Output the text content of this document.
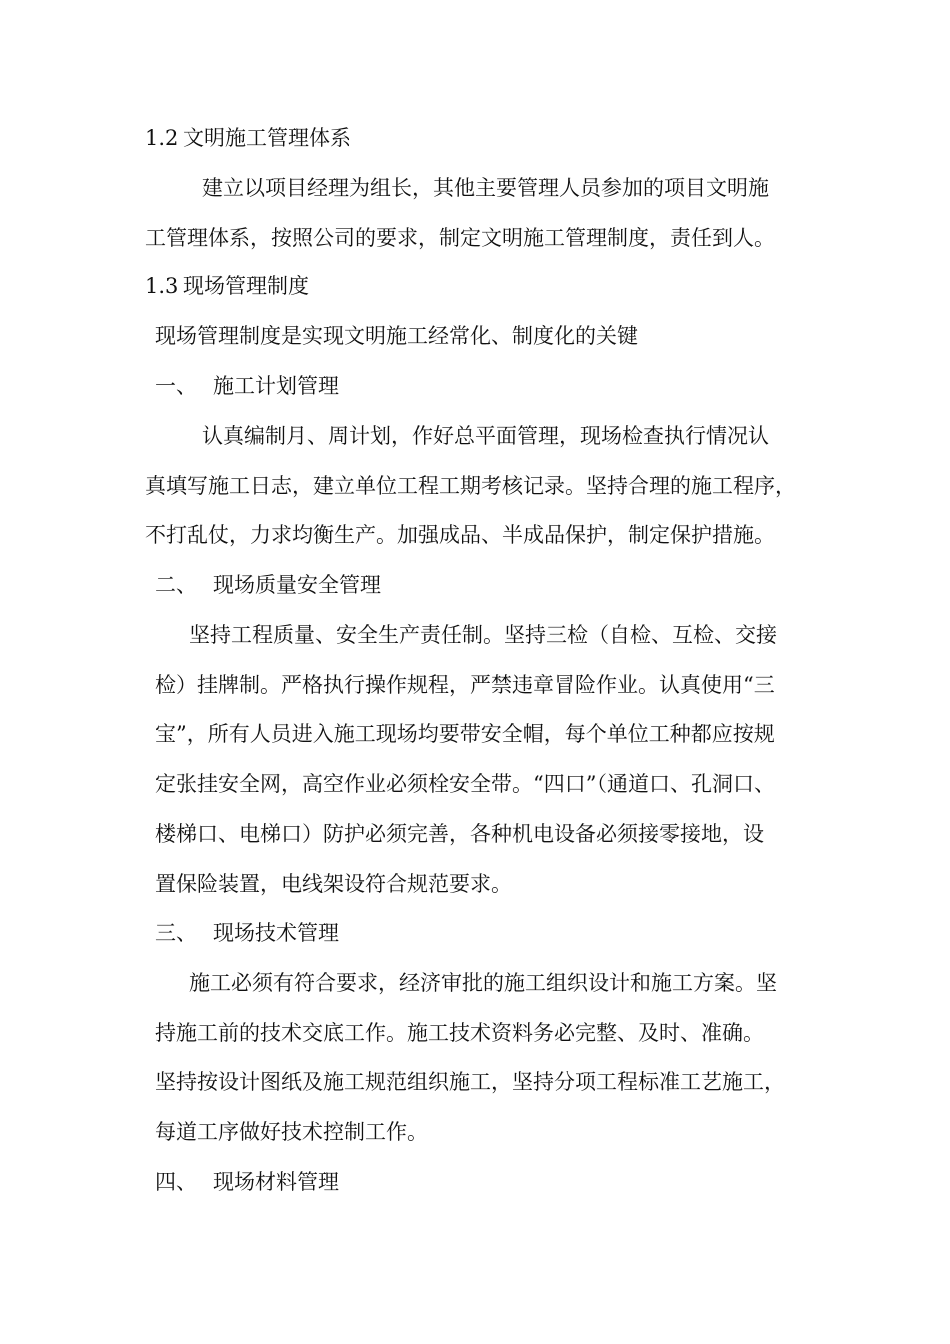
1.2 文明施工管理体系
建立以项目经理为组长，其他主要管理人员参加的项目文明施
工管理体系，按照公司的要求，制定文明施工管理制度，责任到人。
1.3 现场管理制度
现场管理制度是实现文明施工经常化、制度化的关键
一、 施工计划管理
认真编制月、周计划，作好总平面管理，现场检查执行情况认
真填写施工日志，建立单位工程工期考核记录。坚持合理的施工程序，
不打乱仗，力求均衡生产。加强成品、半成品保护，制定保护措施。
二、 现场质量安全管理
坚持工程质量、安全生产责任制。坚持三检（自检、互检、交接
检）挂牌制。严格执行操作规程，严禁违章冒险作业。认真使用“三
宝”，所有人员进入施工现场均要带安全帽，每个单位工种都应按规
定张挂安全网，高空作业必须栓安全带。“四口”（通道口、孔洞口、
楼梯口、电梯口）防护必须完善，各种机电设备必须接零接地，设
置保险装置，电线架设符合规范要求。
三、 现场技术管理
施工必须有符合要求，经济审批的施工组织设计和施工方案。坚
持施工前的技术交底工作。施工技术资料务必完整、及时、准确。
坚持按设计图纸及施工规范组织施工，坚持分项工程标准工艺施工，
每道工序做好技术控制工作。
四、 现场材料管理
